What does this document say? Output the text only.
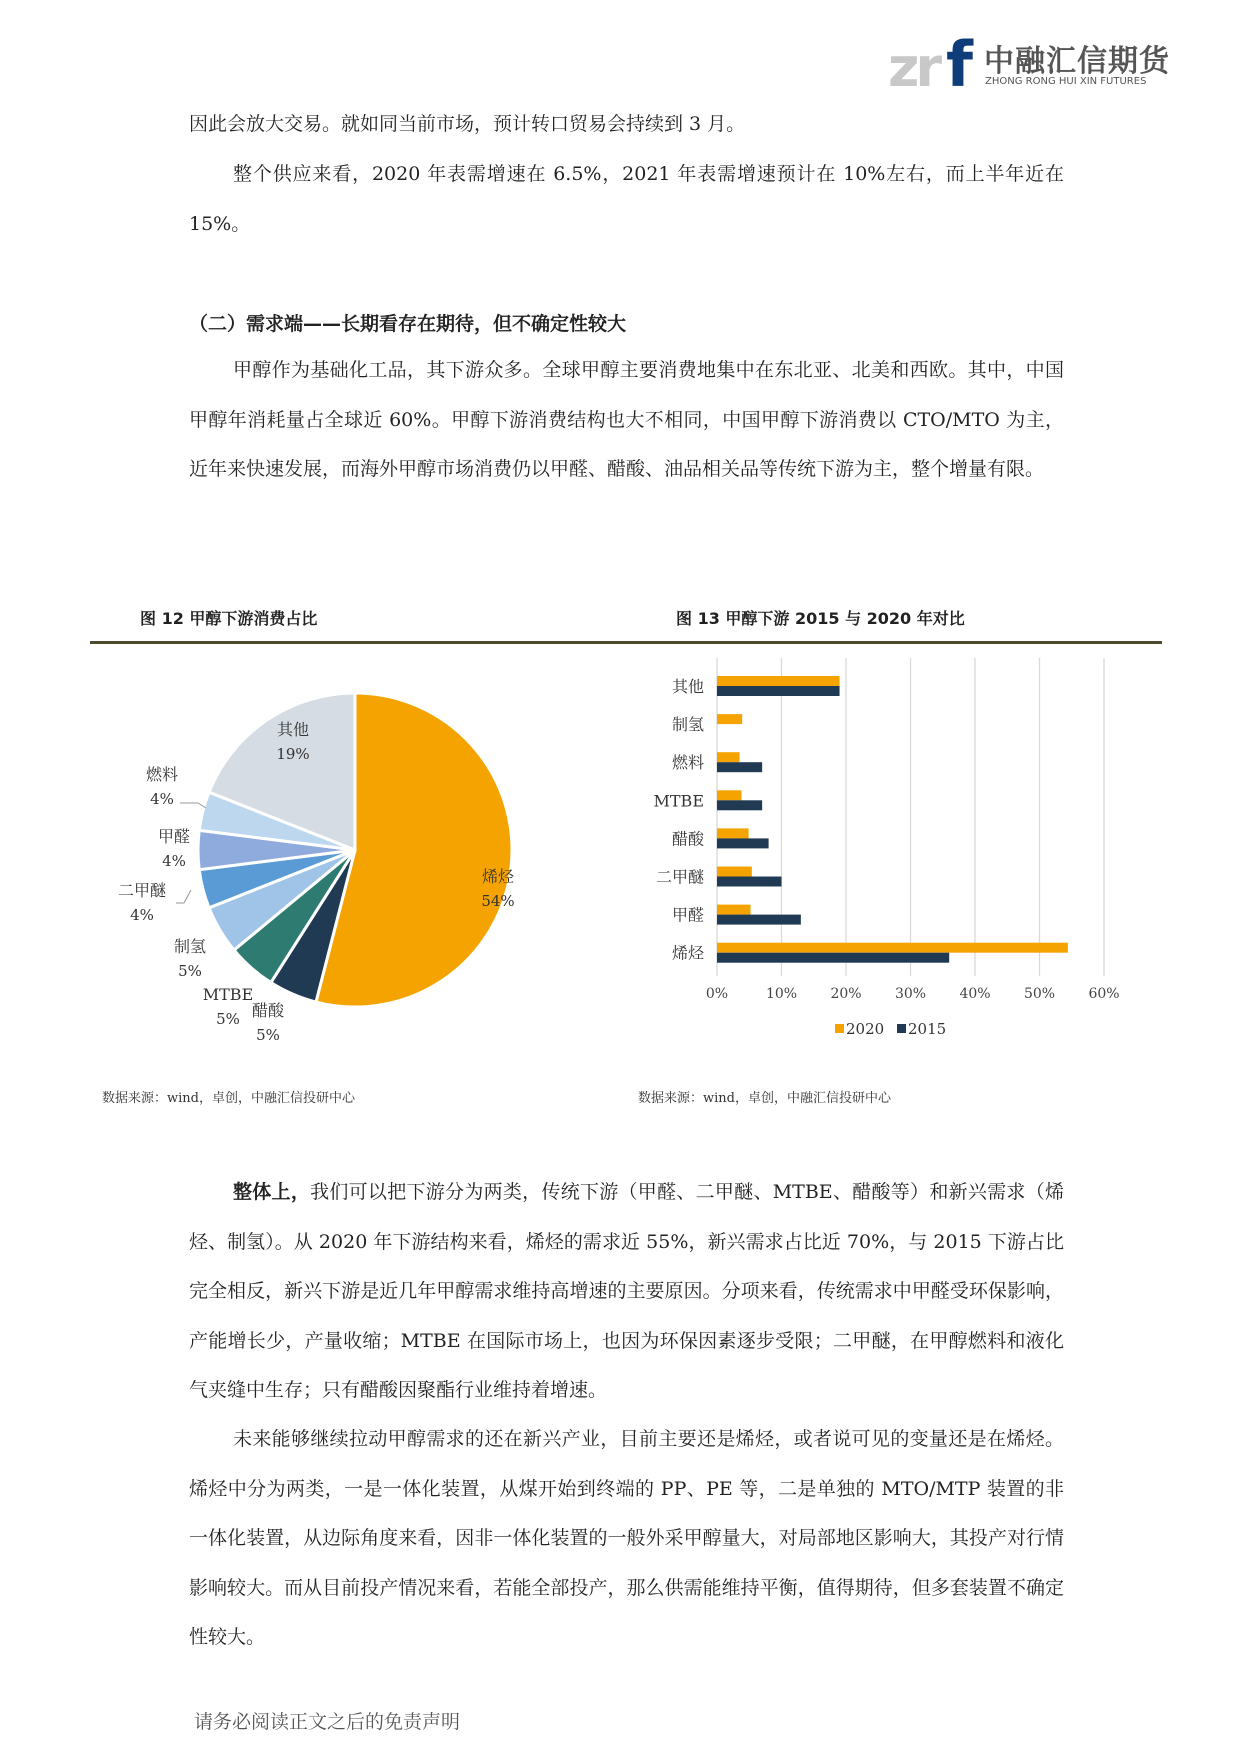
zr f 中融汇信期货
ZHONG RONG HUI XIN FUTURES

因此会放大交易。就如同当前市场，预计转口贸易会持续到 3 月。

整个供应来看，2020 年表需增速在 6.5%，2021 年表需增速预计在 10%左右，而上半年近在 15%。

（二）需求端——长期看存在期待，但不确定性较大

甲醇作为基础化工品，其下游众多。全球甲醇主要消费地集中在东北亚、北美和西欧。其中，中国甲醇年消耗量占全球近 60%。甲醇下游消费结构也大不相同，中国甲醇下游消费以 CTO/MTO 为主，近年来快速发展，而海外甲醇市场消费仍以甲醛、醋酸、油品相关品等传统下游为主，整个增量有限。

图 12 甲醇下游消费占比	图 13 甲醇下游 2015 与 2020 年对比
烯烃
54%
醋酸
5%
MTBE
5%
制氢
5%
二甲醚
4%
甲醛
4%
燃料
4%
其他
19%
0%	10% 20% 30% 40% 50% 60%
其他
制氢
燃料
MTBE
醋酸
二甲醚
甲醛
烯烃
2020 2015
数据来源：wind，卓创，中融汇信投研中心	数据来源：wind，卓创，中融汇信投研中心

整体上，我们可以把下游分为两类，传统下游（甲醛、二甲醚、MTBE、醋酸等）和新兴需求（烯烃、制氢）。从 2020 年下游结构来看，烯烃的需求近 55%，新兴需求占比近 70%，与 2015 下游占比完全相反，新兴下游是近几年甲醇需求维持高增速的主要原因。分项来看，传统需求中甲醛受环保影响，产能增长少，产量收缩；MTBE 在国际市场上，也因为环保因素逐步受限；二甲醚，在甲醇燃料和液化气夹缝中生存；只有醋酸因聚酯行业维持着增速。

未来能够继续拉动甲醇需求的还在新兴产业，目前主要还是烯烃，或者说可见的变量还是在烯烃。烯烃中分为两类，一是一体化装置，从煤开始到终端的 PP、PE 等，二是单独的 MTO/MTP 装置的非一体化装置，从边际角度来看，因非一体化装置的一般外采甲醇量大，对局部地区影响大，其投产对行情影响较大。而从目前投产情况来看，若能全部投产，那么供需能维持平衡，值得期待，但多套装置不确定性较大。

请务必阅读正文之后的免责声明
